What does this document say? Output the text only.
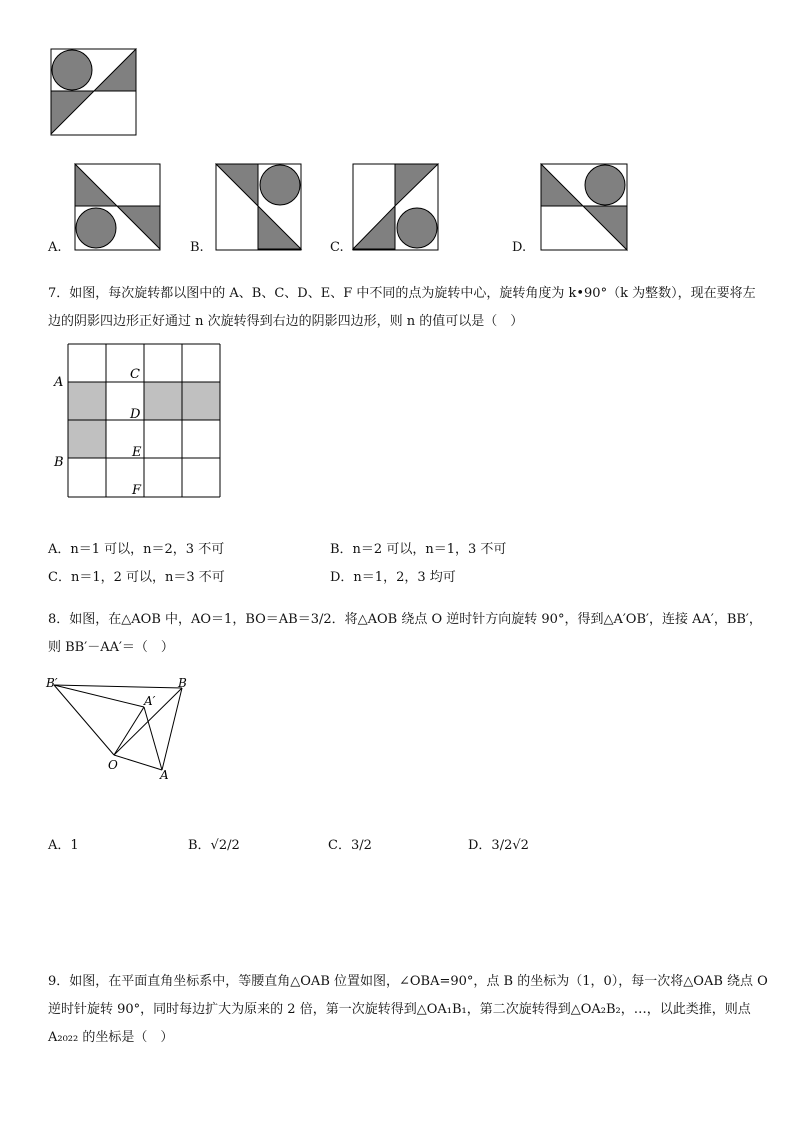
A.	B.	C.	D.
7．如图，每次旋转都以图中的 A、B、C、D、E、F 中不同的点为旋转中心，旋转角度为 k•90°（k 为整数），现在要将左边的阴影四边形正好通过 n 次旋转得到右边的阴影四边形，则 n 的值可以是（　）
A
B
C
D
E
F
A．n＝1 可以，n＝2，3 不可	B．n＝2 可以，n＝1，3 不可
C．n＝1，2 可以，n＝3 不可	D．n＝1，2，3 均可
8．如图，在△AOB 中，AO＝1，BO＝AB＝3/2．将△AOB 绕点 O 逆时针方向旋转 90°，得到△A′OB′，连接 AA′，BB′，则 BB′－AA′＝（　）
B′	B
A′
O
A
A．1	B．√2/2	C．3/2	D．3/2√2
9．如图，在平面直角坐标系中，等腰直角△OAB 位置如图，∠OBA=90°，点 B 的坐标为（1，0），每一次将△OAB 绕点 O 逆时针旋转 90°，同时每边扩大为原来的 2 倍，第一次旋转得到△OA₁B₁，第二次旋转得到△OA₂B₂，…，以此类推，则点 A₂₀₂₂ 的坐标是（　）
